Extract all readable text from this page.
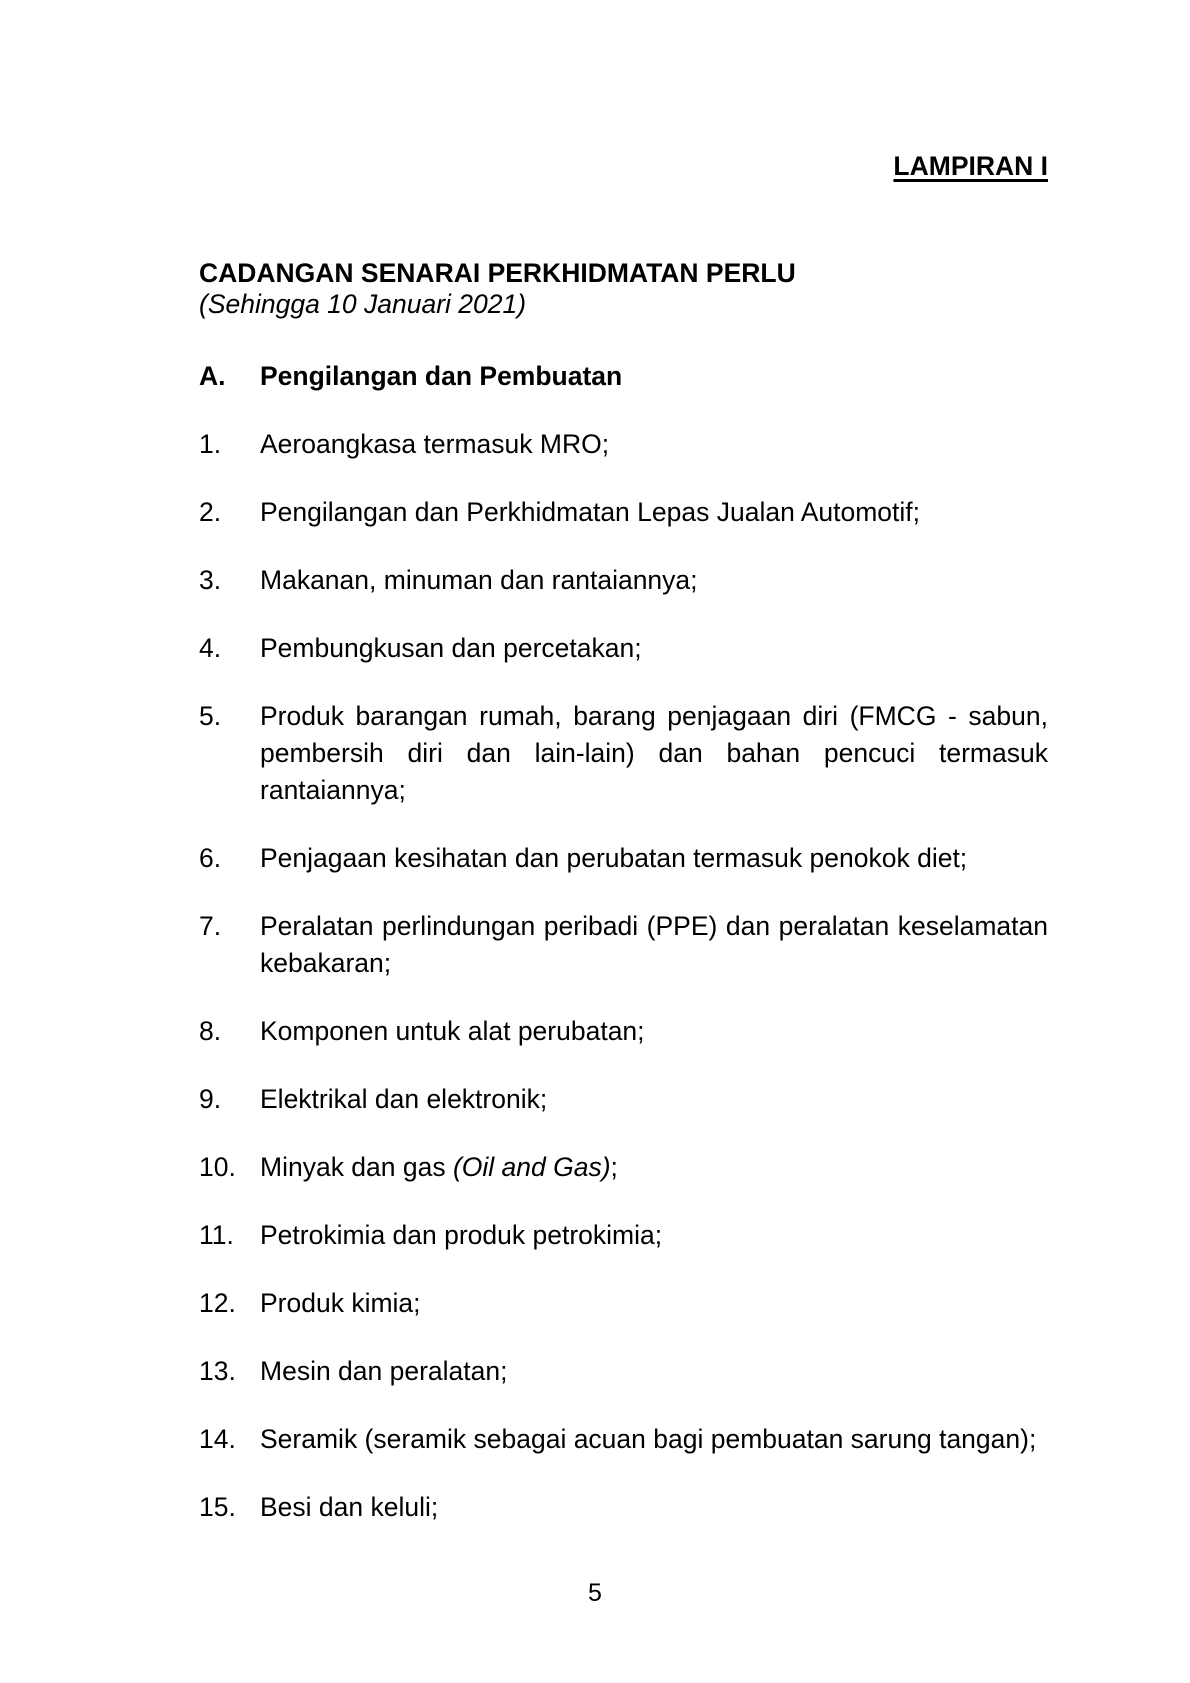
LAMPIRAN I
CADANGAN SENARAI PERKHIDMATAN PERLU
(Sehingga 10 Januari 2021)
A.	Pengilangan dan Pembuatan
1.	Aeroangkasa termasuk MRO;
2.	Pengilangan dan Perkhidmatan Lepas Jualan Automotif;
3.	Makanan, minuman dan rantaiannya;
4.	Pembungkusan dan percetakan;
5.	Produk barangan rumah, barang penjagaan diri (FMCG - sabun, pembersih diri dan lain-lain) dan bahan pencuci termasuk rantaiannya;
6.	Penjagaan kesihatan dan perubatan termasuk penokok diet;
7.	Peralatan perlindungan peribadi (PPE) dan peralatan keselamatan kebakaran;
8.	Komponen untuk alat perubatan;
9.	Elektrikal dan elektronik;
10. Minyak dan gas (Oil and Gas);
11. Petrokimia dan produk petrokimia;
12. Produk kimia;
13. Mesin dan peralatan;
14. Seramik (seramik sebagai acuan bagi pembuatan sarung tangan);
15. Besi dan keluli;
5
